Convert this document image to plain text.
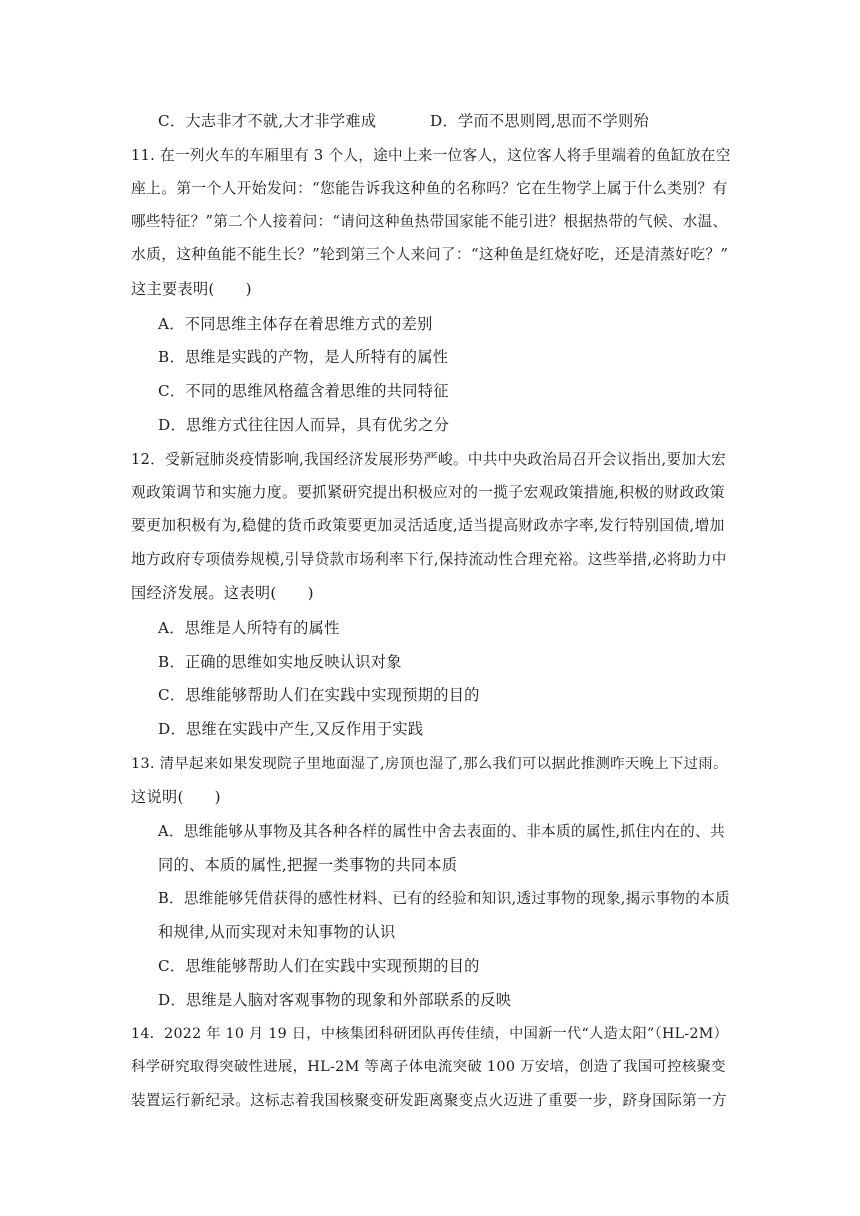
C．大志非才不就,大才非学难成	D．学而不思则罔,思而不学则殆
11. 在一列火车的车厢里有 3 个人，途中上来一位客人，这位客人将手里端着的鱼缸放在空
座上。第一个人开始发问：“您能告诉我这种鱼的名称吗？它在生物学上属于什么类别？有
哪些特征？”第二个人接着问：“请问这种鱼热带国家能不能引进？根据热带的气候、水温、
水质，这种鱼能不能生长？”轮到第三个人来问了：“这种鱼是红烧好吃，还是清蒸好吃？”
这主要表明(　　)
A．不同思维主体存在着思维方式的差别
B．思维是实践的产物，是人所特有的属性
C．不同的思维风格蕴含着思维的共同特征
D．思维方式往往因人而异，具有优劣之分
12．受新冠肺炎疫情影响,我国经济发展形势严峻。中共中央政治局召开会议指出,要加大宏
观政策调节和实施力度。要抓紧研究提出积极应对的一揽子宏观政策措施,积极的财政政策
要更加积极有为,稳健的货币政策要更加灵活适度,适当提高财政赤字率,发行特别国债,增加
地方政府专项债券规模,引导贷款市场利率下行,保持流动性合理充裕。这些举措,必将助力中
国经济发展。这表明(　　)
A．思维是人所特有的属性
B．正确的思维如实地反映认识对象
C．思维能够帮助人们在实践中实现预期的目的
D．思维在实践中产生,又反作用于实践
13. 清早起来如果发现院子里地面湿了,房顶也湿了,那么我们可以据此推测昨天晚上下过雨。
这说明(　　)
A．思维能够从事物及其各种各样的属性中舍去表面的、非本质的属性,抓住内在的、共
同的、本质的属性,把握一类事物的共同本质
B．思维能够凭借获得的感性材料、已有的经验和知识,透过事物的现象,揭示事物的本质
和规律,从而实现对未知事物的认识
C．思维能够帮助人们在实践中实现预期的目的
D．思维是人脑对客观事物的现象和外部联系的反映
14．2022 年 10 月 19 日，中核集团科研团队再传佳绩，中国新一代“人造太阳”（HL-2M）
科学研究取得突破性进展，HL-2M 等离子体电流突破 100 万安培，创造了我国可控核聚变
装置运行新纪录。这标志着我国核聚变研发距离聚变点火迈进了重要一步，跻身国际第一方
